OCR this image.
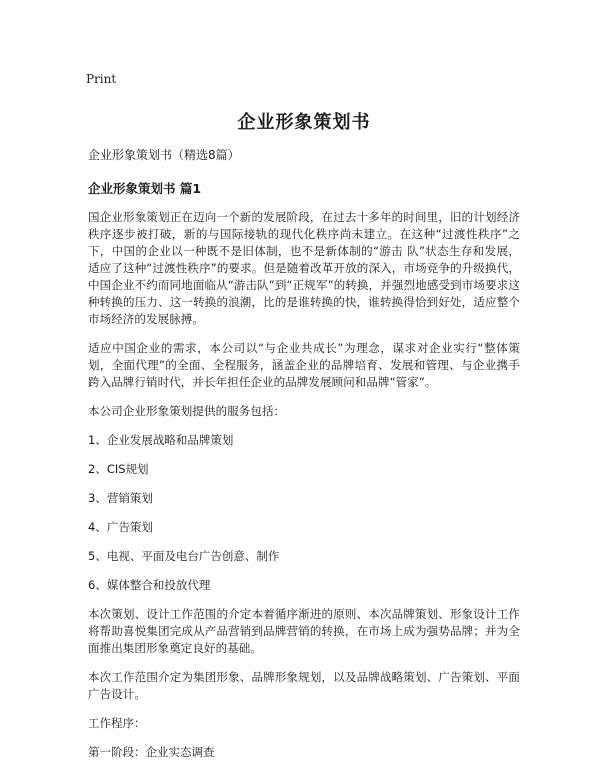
Print
企业形象策划书
企业形象策划书（精选8篇）
企业形象策划书 篇1

国企业形象策划正在迈向一个新的发展阶段，在过去十多年的时间里，旧的计划经济秩序逐步被打破，新的与国际接轨的现代化秩序尚未建立。在这种“过渡性秩序”之下，中国的企业以一种既不是旧体制，也不是新体制的“游击 队”状态生存和发展，适应了这种“过渡性秩序”的要求。但是随着改革开放的深入，市场竞争的升级换代，中国企业不约而同地面临从“游击队”到“正规军”的转换，并强烈地感受到市场要求这种转换的压力、这一转换的浪潮，比的是谁转换的快，谁转换得恰到好处，适应整个市场经济的发展脉搏。

适应中国企业的需求，本公司以“与企业共成长”为理念，谋求对企业实行“整体策划，全面代理”的全面、全程服务，涵盖企业的品牌培育、发展和管理、与企业携手跨入品牌行销时代，并长年担任企业的品牌发展顾问和品牌“管家”。

本公司企业形象策划提供的服务包括：

1、企业发展战略和品牌策划

2、CIS规划

3、营销策划

4、广告策划

5、电视、平面及电台广告创意、制作

6、媒体整合和投放代理

本次策划、设计工作范围的介定本着循序渐进的原则、本次品牌策划、形象设计工作将帮助喜悦集团完成从产品营销到品牌营销的转换，在市场上成为强势品牌；并为全面推出集团形象奠定良好的基础。

本次工作范围介定为集团形象、品牌形象规划，以及品牌战略策划、广告策划、平面广告设计。

工作程序：

第一阶段：企业实态调查
